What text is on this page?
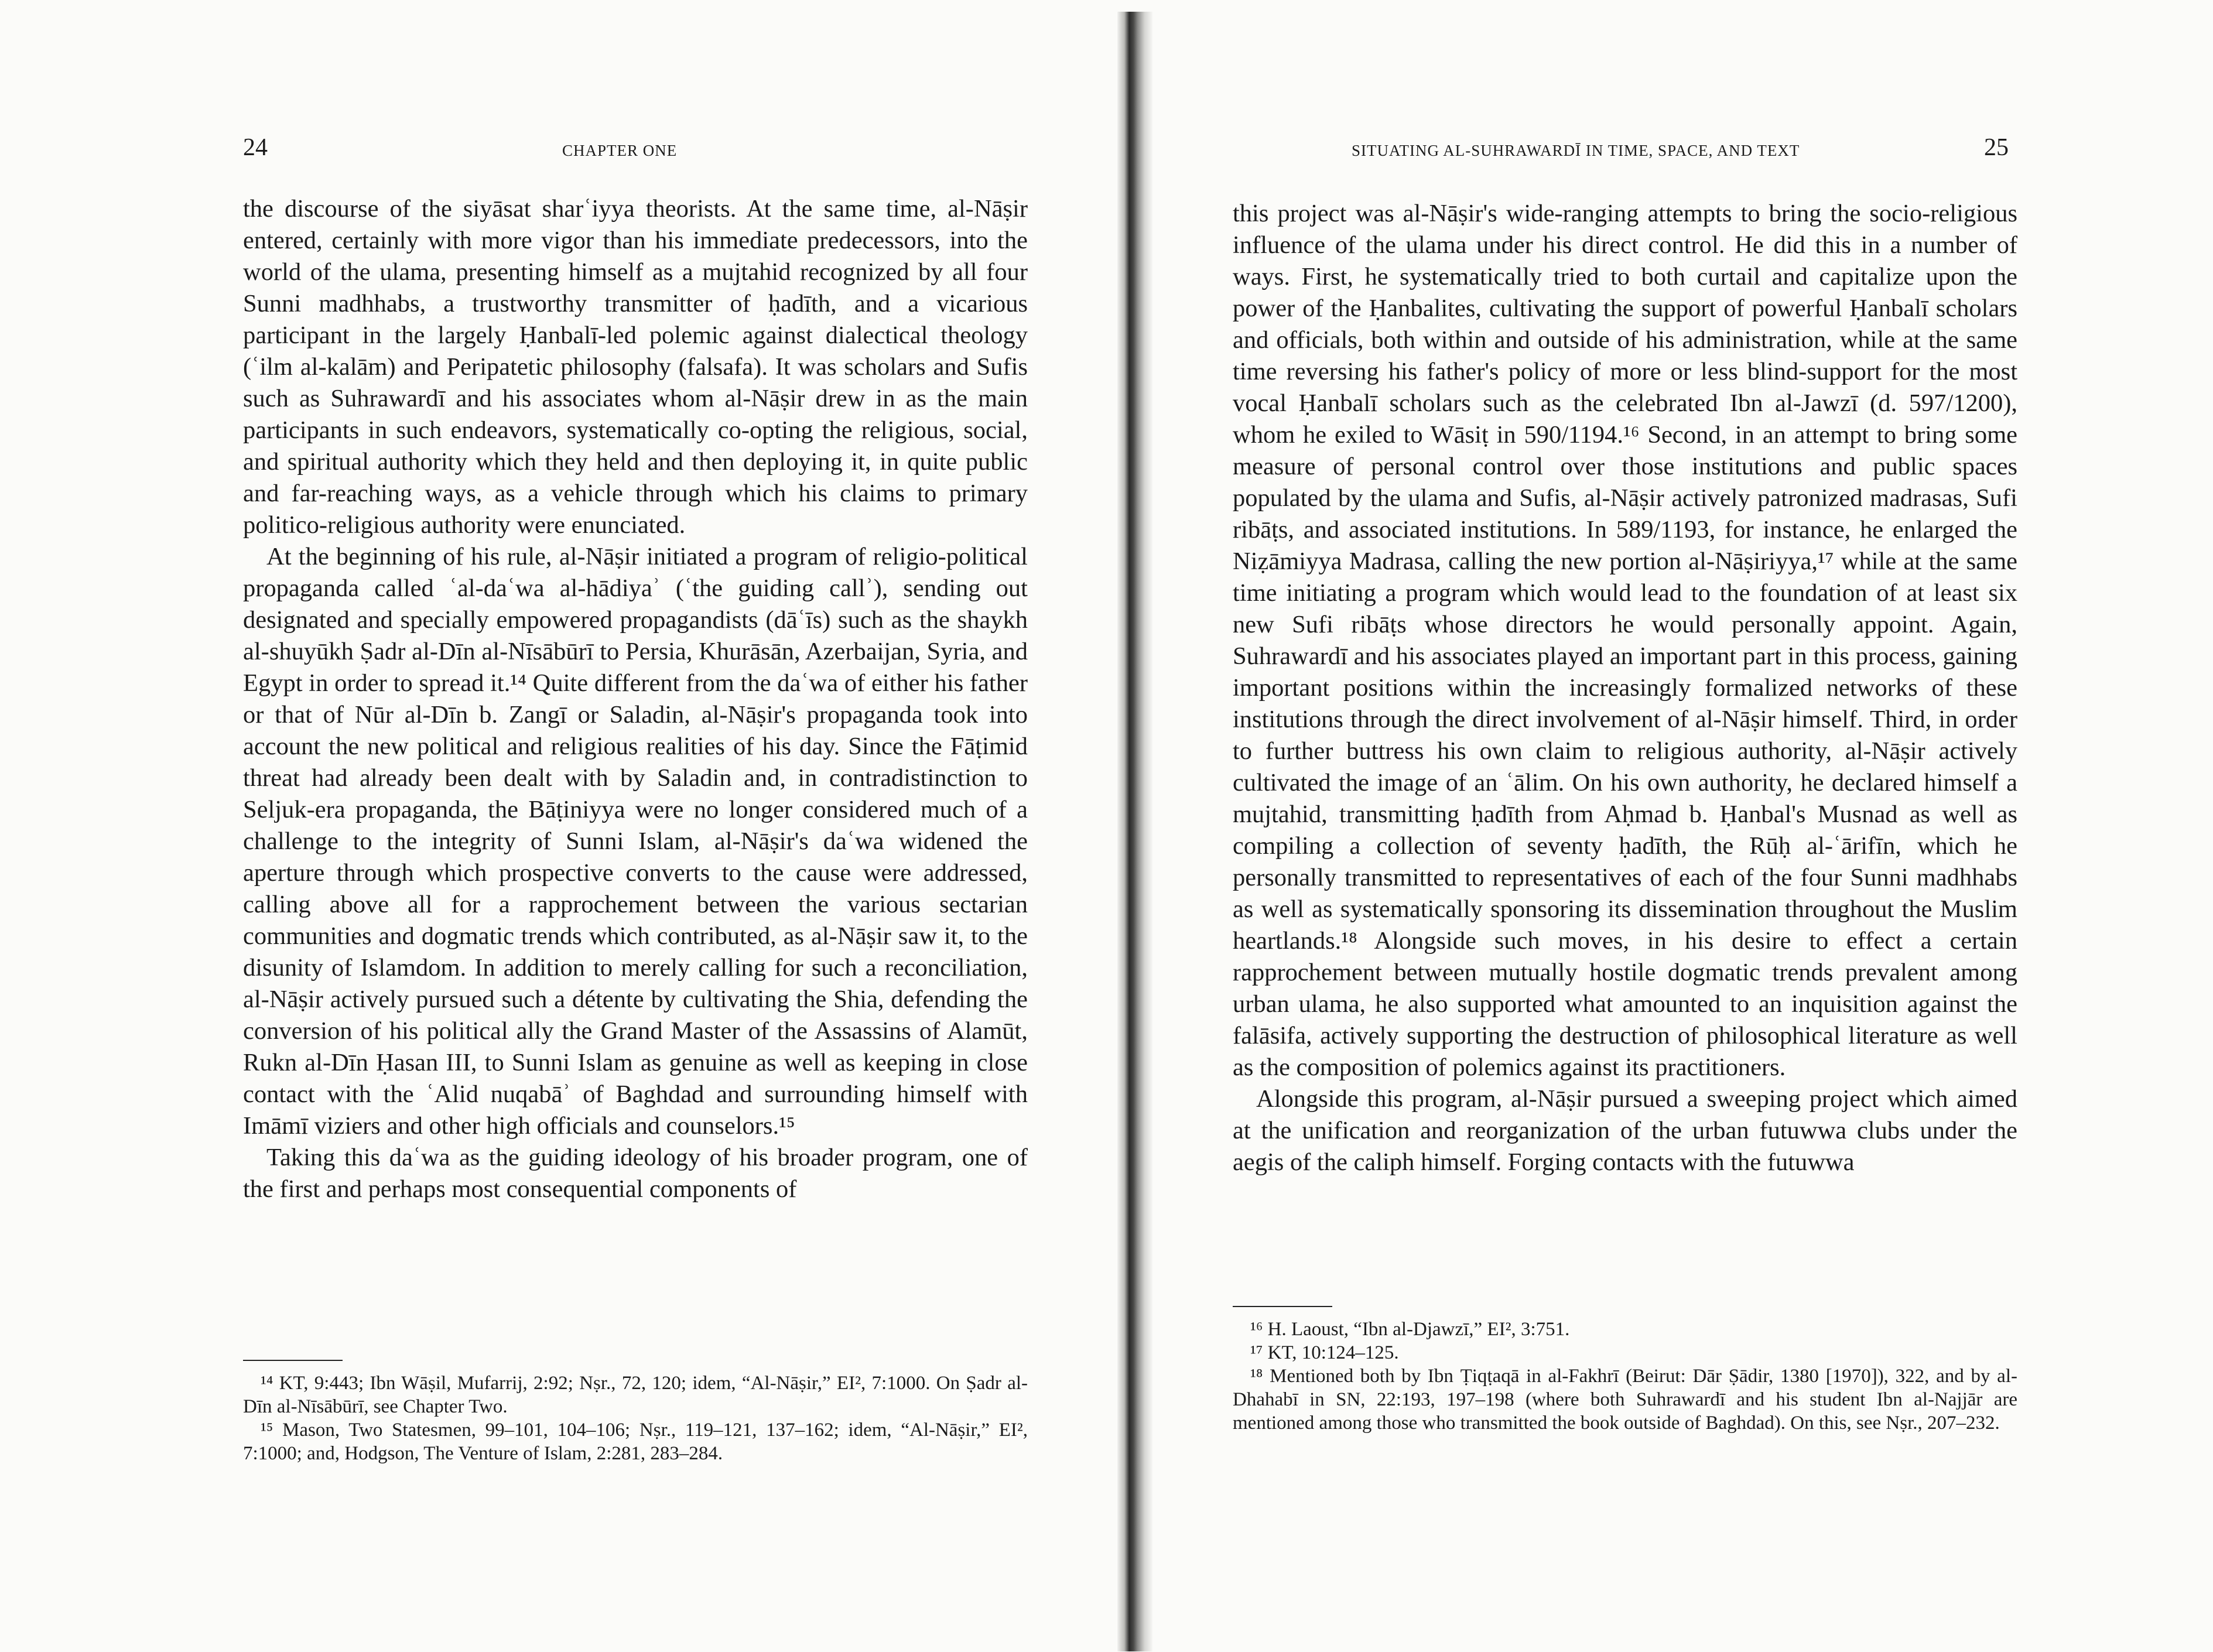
24	CHAPTER ONE

the discourse of the siyāsat sharʿiyya theorists. At the same time, al-Nāṣir entered, certainly with more vigor than his immediate predecessors, into the world of the ulama, presenting himself as a mujtahid recognized by all four Sunni madhhabs, a trustworthy transmitter of ḥadīth, and a vicarious participant in the largely Ḥanbalī-led polemic against dialectical theology (ʿilm al-kalām) and Peripatetic philosophy (falsafa). It was scholars and Sufis such as Suhrawardī and his associates whom al-Nāṣir drew in as the main participants in such endeavors, systematically co-opting the religious, social, and spiritual authority which they held and then deploying it, in quite public and far-reaching ways, as a vehicle through which his claims to primary politico-religious authority were enunciated.

At the beginning of his rule, al-Nāṣir initiated a program of religio-political propaganda called ʿal-daʿwa al-hādiyaʾ (ʿthe guiding callʾ), sending out designated and specially empowered propagandists (dāʿīs) such as the shaykh al-shuyūkh Ṣadr al-Dīn al-Nīsābūrī to Persia, Khurāsān, Azerbaijan, Syria, and Egypt in order to spread it.¹⁴ Quite different from the daʿwa of either his father or that of Nūr al-Dīn b. Zangī or Saladin, al-Nāṣir's propaganda took into account the new political and religious realities of his day. Since the Fāṭimid threat had already been dealt with by Saladin and, in contradistinction to Seljuk-era propaganda, the Bāṭiniyya were no longer considered much of a challenge to the integrity of Sunni Islam, al-Nāṣir's daʿwa widened the aperture through which prospective converts to the cause were addressed, calling above all for a rapprochement between the various sectarian communities and dogmatic trends which contributed, as al-Nāṣir saw it, to the disunity of Islamdom. In addition to merely calling for such a reconciliation, al-Nāṣir actively pursued such a détente by cultivating the Shia, defending the conversion of his political ally the Grand Master of the Assassins of Alamūt, Rukn al-Dīn Ḥasan III, to Sunni Islam as genuine as well as keeping in close contact with the ʿAlid nuqabāʾ of Baghdad and surrounding himself with Imāmī viziers and other high officials and counselors.¹⁵

Taking this daʿwa as the guiding ideology of his broader program, one of the first and perhaps most consequential components of

¹⁴ KT, 9:443; Ibn Wāṣil, Mufarrij, 2:92; Nṣr., 72, 120; idem, “Al-Nāṣir,” EI², 7:1000. On Ṣadr al-Dīn al-Nīsābūrī, see Chapter Two.

¹⁵ Mason, Two Statesmen, 99–101, 104–106; Nṣr., 119–121, 137–162; idem, “Al-Nāṣir,” EI², 7:1000; and, Hodgson, The Venture of Islam, 2:281, 283–284.

SITUATING AL-SUHRAWARDĪ IN TIME, SPACE, AND TEXT	25

this project was al-Nāṣir's wide-ranging attempts to bring the socio-religious influence of the ulama under his direct control. He did this in a number of ways. First, he systematically tried to both curtail and capitalize upon the power of the Ḥanbalites, cultivating the support of powerful Ḥanbalī scholars and officials, both within and outside of his administration, while at the same time reversing his father's policy of more or less blind-support for the most vocal Ḥanbalī scholars such as the celebrated Ibn al-Jawzī (d. 597/1200), whom he exiled to Wāsiṭ in 590/1194.¹⁶ Second, in an attempt to bring some measure of personal control over those institutions and public spaces populated by the ulama and Sufis, al-Nāṣir actively patronized madrasas, Sufi ribāṭs, and associated institutions. In 589/1193, for instance, he enlarged the Niẓāmiyya Madrasa, calling the new portion al-Nāṣiriyya,¹⁷ while at the same time initiating a program which would lead to the foundation of at least six new Sufi ribāṭs whose directors he would personally appoint. Again, Suhrawardī and his associates played an important part in this process, gaining important positions within the increasingly formalized networks of these institutions through the direct involvement of al-Nāṣir himself. Third, in order to further buttress his own claim to religious authority, al-Nāṣir actively cultivated the image of an ʿālim. On his own authority, he declared himself a mujtahid, transmitting ḥadīth from Aḥmad b. Ḥanbal's Musnad as well as compiling a collection of seventy ḥadīth, the Rūḥ al-ʿārifīn, which he personally transmitted to representatives of each of the four Sunni madhhabs as well as systematically sponsoring its dissemination throughout the Muslim heartlands.¹⁸ Alongside such moves, in his desire to effect a certain rapprochement between mutually hostile dogmatic trends prevalent among urban ulama, he also supported what amounted to an inquisition against the falāsifa, actively supporting the destruction of philosophical literature as well as the composition of polemics against its practitioners.

Alongside this program, al-Nāṣir pursued a sweeping project which aimed at the unification and reorganization of the urban futuwwa clubs under the aegis of the caliph himself. Forging contacts with the futuwwa

¹⁶ H. Laoust, “Ibn al-Djawzī,” EI², 3:751.

¹⁷ KT, 10:124–125.

¹⁸ Mentioned both by Ibn Ṭiqṭaqā in al-Fakhrī (Beirut: Dār Ṣādir, 1380 [1970]), 322, and by al-Dhahabī in SN, 22:193, 197–198 (where both Suhrawardī and his student Ibn al-Najjār are mentioned among those who transmitted the book outside of Baghdad). On this, see Nṣr., 207–232.
